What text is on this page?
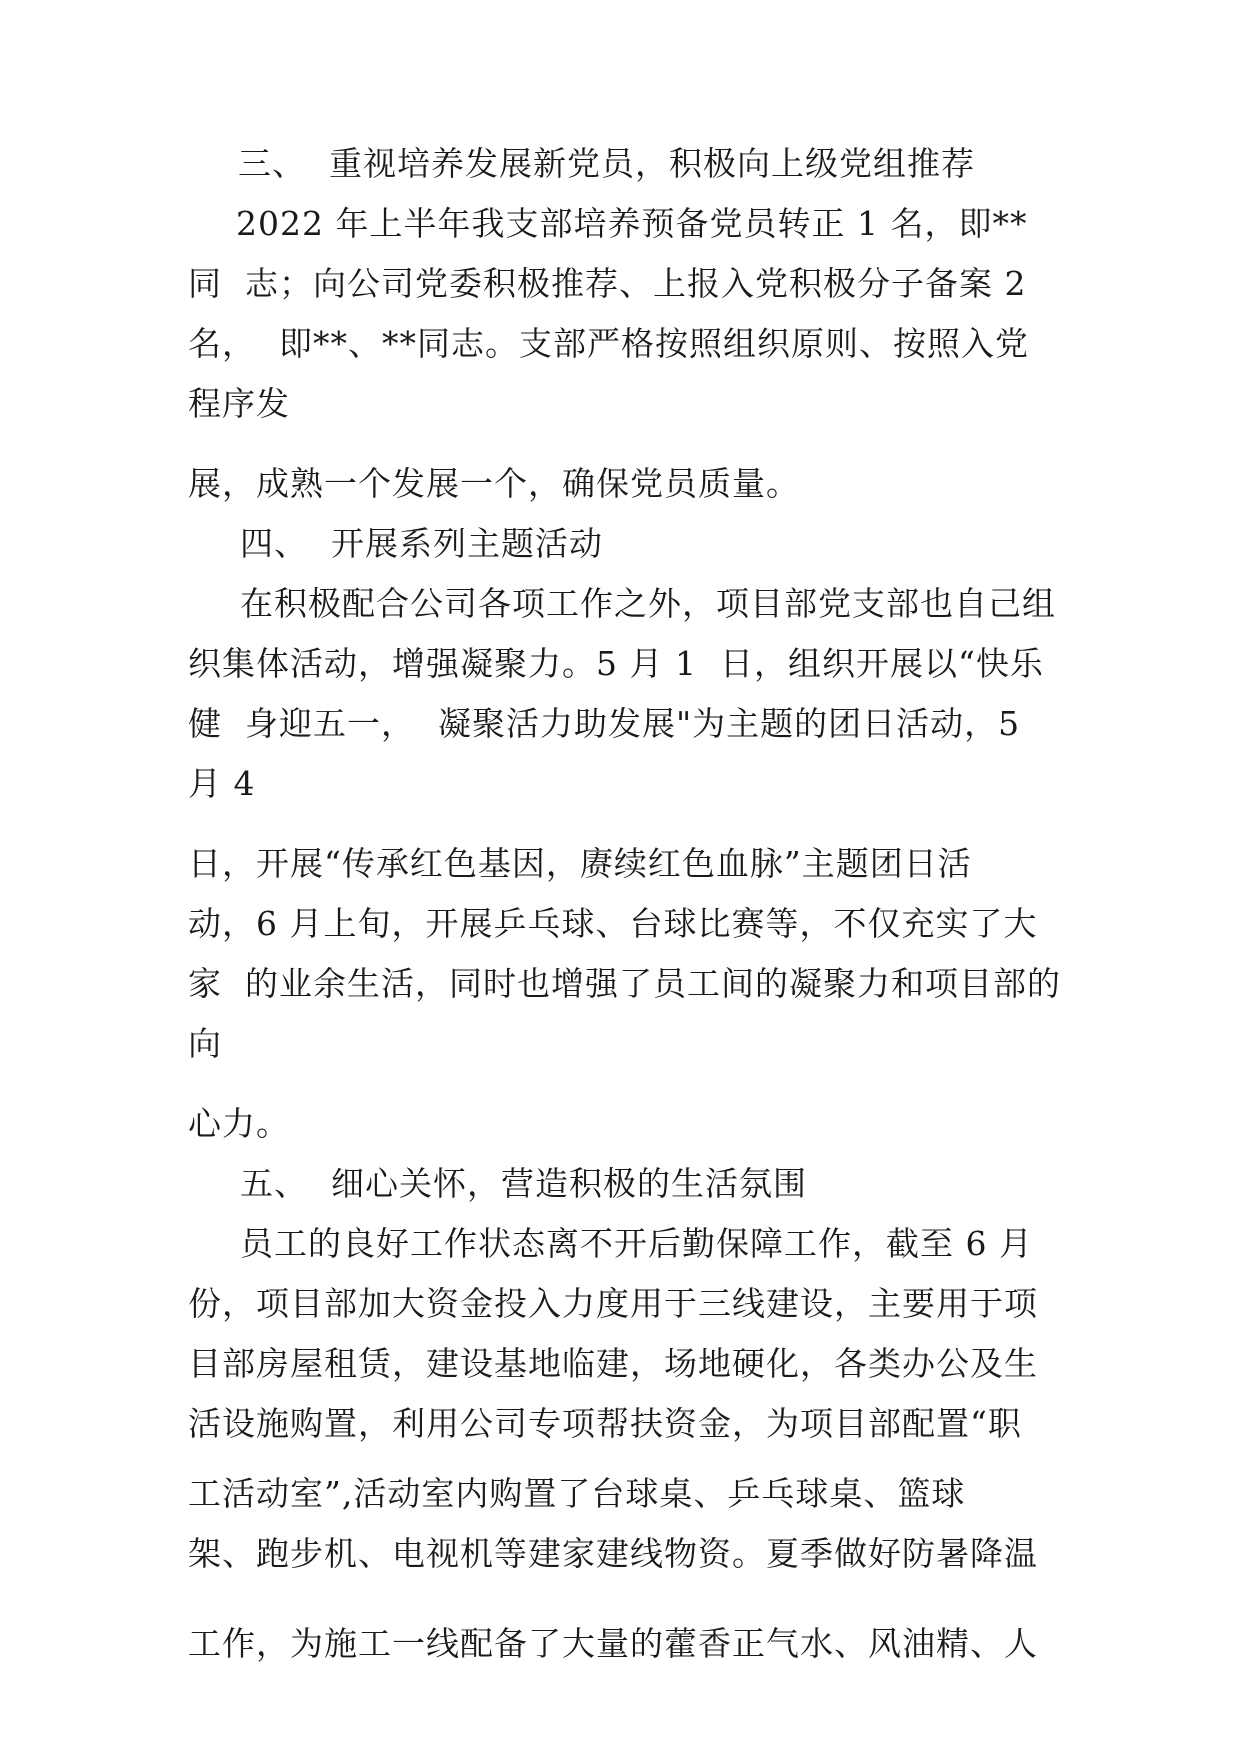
三、  重视培养发展新党员，积极向上级党组推荐
2022 年上半年我支部培养预备党员转正 1 名，即**
同  志；向公司党委积极推荐、上报入党积极分子备案 2
名，  即**、**同志。支部严格按照组织原则、按照入党
程序发
展，成熟一个发展一个，确保党员质量。
四、  开展系列主题活动
在积极配合公司各项工作之外，项目部党支部也自己组
织集体活动，增强凝聚力。5 月 1  日，组织开展以“快乐
健  身迎五一，  凝聚活力助发展"为主题的团日活动，5
月 4
日，开展“传承红色基因，赓续红色血脉”主题团日活
动，6 月上旬，开展乒乓球、台球比赛等，不仅充实了大
家  的业余生活，同时也增强了员工间的凝聚力和项目部的
向
心力。
五、  细心关怀，营造积极的生活氛围
员工的良好工作状态离不开后勤保障工作，截至 6 月
份，项目部加大资金投入力度用于三线建设，主要用于项
目部房屋租赁，建设基地临建，场地硬化，各类办公及生
活设施购置，利用公司专项帮扶资金，为项目部配置“职
工活动室”,活动室内购置了台球桌、乒乓球桌、篮球
架、跑步机、电视机等建家建线物资。夏季做好防暑降温
工作，为施工一线配备了大量的藿香正气水、风油精、人
